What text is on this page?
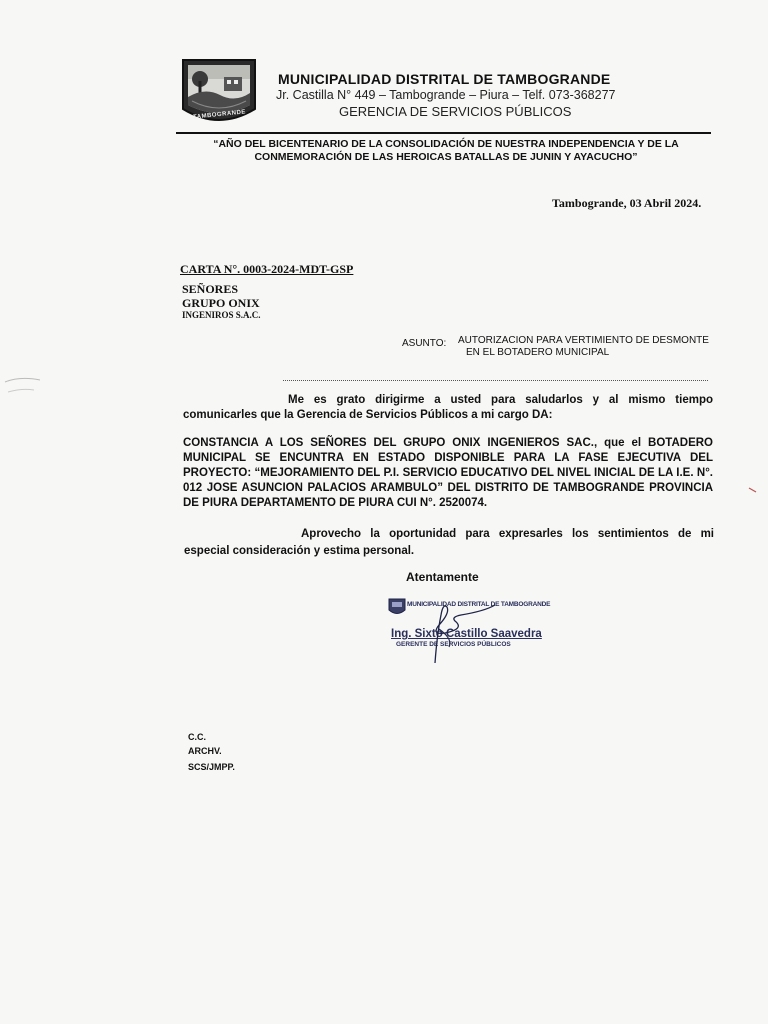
TAMBOGRANDE
MUNICIPALIDAD DISTRITAL DE TAMBOGRANDE
Jr. Castilla N° 449 – Tambogrande – Piura – Telf. 073-368277
GERENCIA DE SERVICIOS PÚBLICOS
“AÑO DEL BICENTENARIO DE LA CONSOLIDACIÓN DE NUESTRA INDEPENDENCIA Y DE LA
CONMEMORACIÓN DE LAS HEROICAS BATALLAS DE JUNIN Y AYACUCHO”
Tambogrande, 03 Abril 2024.
CARTA N°. 0003-2024-MDT-GSP
SEÑORES
GRUPO ONIX
INGENIROS S.A.C.
ASUNTO: AUTORIZACION PARA VERTIMIENTO DE DESMONTE
EN EL BOTADERO MUNICIPAL
Me es grato dirigirme a usted para saludarlos y al mismo tiempo comunicarles que la Gerencia de Servicios Públicos a mi cargo DA:
CONSTANCIA A LOS SEÑORES DEL GRUPO ONIX INGENIEROS SAC., que el BOTADERO MUNICIPAL SE ENCUNTRA EN ESTADO DISPONIBLE PARA LA FASE EJECUTIVA DEL PROYECTO: “MEJORAMIENTO DEL P.I. SERVICIO EDUCATIVO DEL NIVEL INICIAL DE LA I.E. N°. 012 JOSE ASUNCION PALACIOS ARAMBULO” DEL DISTRITO DE TAMBOGRANDE PROVINCIA DE PIURA DEPARTAMENTO DE PIURA CUI N°. 2520074.
Aprovecho la oportunidad para expresarles los sentimientos de mi especial consideración y estima personal.
Atentamente
MUNICIPALIDAD DISTRITAL DE TAMBOGRANDE
Ing. Sixto Castillo Saavedra
GERENTE DE SERVICIOS PÚBLICOS
C.C.
ARCHV.
SCS/JMPP.
